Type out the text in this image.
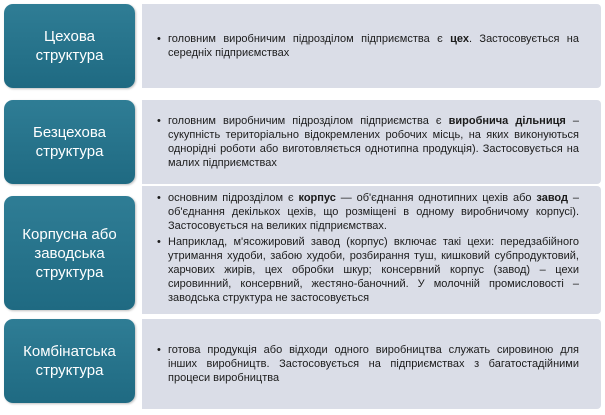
Цехова структура

• головним виробничим підрозділом підприємства є цех. Застосовується на середніх підприємствах

Безцехова структура

• головним виробничим підрозділом підприємства є виробнича дільниця – сукупність територіально відокремлених робочих місць, на яких виконуються однорідні роботи або виготовляється однотипна продукція). Застосовується на малих підприємствах

Корпусна або заводська структура

• основним підрозділом є корпус — об'єднання однотипних цехів або завод – об'єднання декількох цехів, що розміщені в одному виробничому корпусі). Застосовується на великих підприємствах.

• Наприклад, м'ясожировий завод (корпус) включає такі цехи: передзабійного утримання худоби, забою худоби, розбирання туш, кишковий субпродуктовий, харчових жирів, цех обробки шкур; консервний корпус (завод) – цехи сировинний, консервний, жестяно-баночний. У молочній промисловості – заводська структура не застосовується

Комбінатська структура

• готова продукція або відходи одного виробництва служать сировиною для інших виробництв. Застосовується на підприємствах з багатостадійними процеси виробництва
